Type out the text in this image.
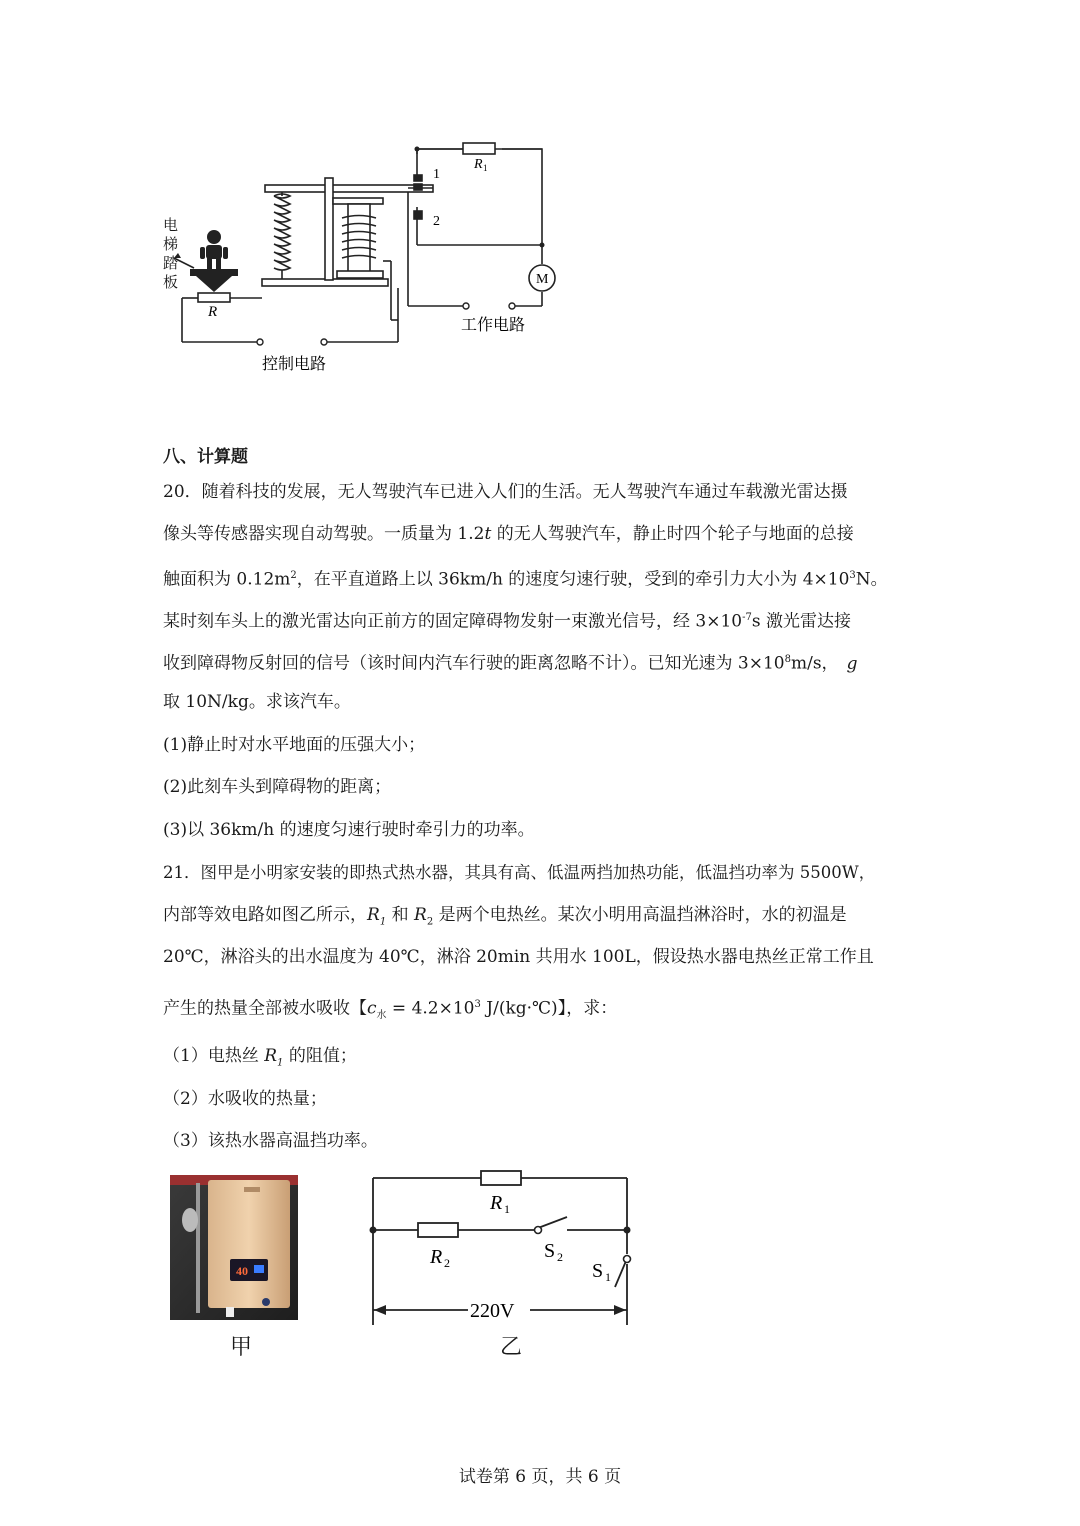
R
R 1
1
2
M
工作电路
控制电路
电梯踏板
八、计算题
20．随着科技的发展，无人驾驶汽车已进入人们的生活。无人驾驶汽车通过车载激光雷达摄
像头等传感器实现自动驾驶。一质量为 1.2t 的无人驾驶汽车，静止时四个轮子与地面的总接
触面积为 $0.12m^2$，在平直道路上以 36km/h 的速度匀速行驶，受到的牵引力大小为 $4\times 10^3N$。
某时刻车头上的激光雷达向正前方的固定障碍物发射一束激光信号，经 $3\times 10^{-7}s$ 激光雷达接
收到障碍物反射回的信号（该时间内汽车行驶的距离忽略不计）。已知光速为 $3\times 10^8m/s$， g
取 10N/kg。求该汽车。
(1)静止时对水平地面的压强大小；
(2)此刻车头到障碍物的距离；
(3)以 36km/h 的速度匀速行驶时牵引力的功率。
21．图甲是小明家安装的即热式热水器，其具有高、低温两挡加热功能，低温挡功率为 5500W，
内部等效电路如图乙所示，$R_1$ 和 $R_2$ 是两个电热丝。某次小明用高温挡淋浴时，水的初温是
20℃，淋浴头的出水温度为 40℃，淋浴 20min 共用水 100L，假设热水器电热丝正常工作且
产生的热量全部被水吸收【$c_水 = 4.2\times 10^3$ J/(kg·℃)】，求：
（1）电热丝 $R_1$ 的阻值；
（2）水吸收的热量；
（3）该热水器高温挡功率。
40
甲
R 1
R 2
S 2
S 1
220V
乙
试卷第 6 页，共 6 页
